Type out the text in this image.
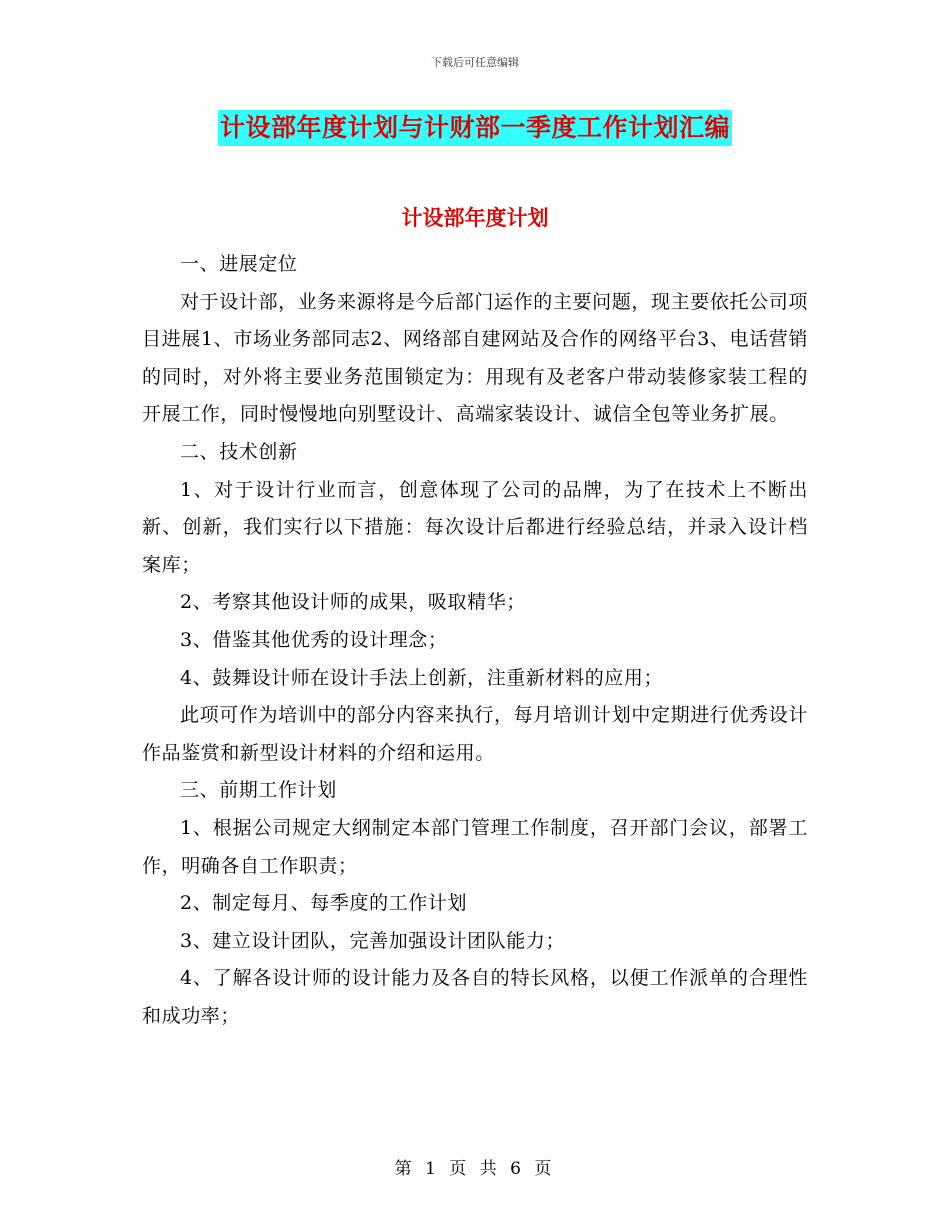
下载后可任意编辑
计设部年度计划与计财部一季度工作计划汇编
计设部年度计划

一、进展定位

对于设计部，业务来源将是今后部门运作的主要问题，现主要依托公司项目进展1、市场业务部同志2、网络部自建网站及合作的网络平台3、电话营销的同时，对外将主要业务范围锁定为：用现有及老客户带动装修家装工程的开展工作，同时慢慢地向别墅设计、高端家装设计、诚信全包等业务扩展。

二、技术创新

1、对于设计行业而言，创意体现了公司的品牌，为了在技术上不断出新、创新，我们实行以下措施：每次设计后都进行经验总结，并录入设计档案库；

2、考察其他设计师的成果，吸取精华；

3、借鉴其他优秀的设计理念；

4、鼓舞设计师在设计手法上创新，注重新材料的应用；

此项可作为培训中的部分内容来执行，每月培训计划中定期进行优秀设计作品鉴赏和新型设计材料的介绍和运用。

三、前期工作计划

1、根据公司规定大纲制定本部门管理工作制度，召开部门会议，部署工作，明确各自工作职责；

2、制定每月、每季度的工作计划

3、建立设计团队，完善加强设计团队能力；

4、了解各设计师的设计能力及各自的特长风格，以便工作派单的合理性和成功率；

第 1 页 共 6 页
